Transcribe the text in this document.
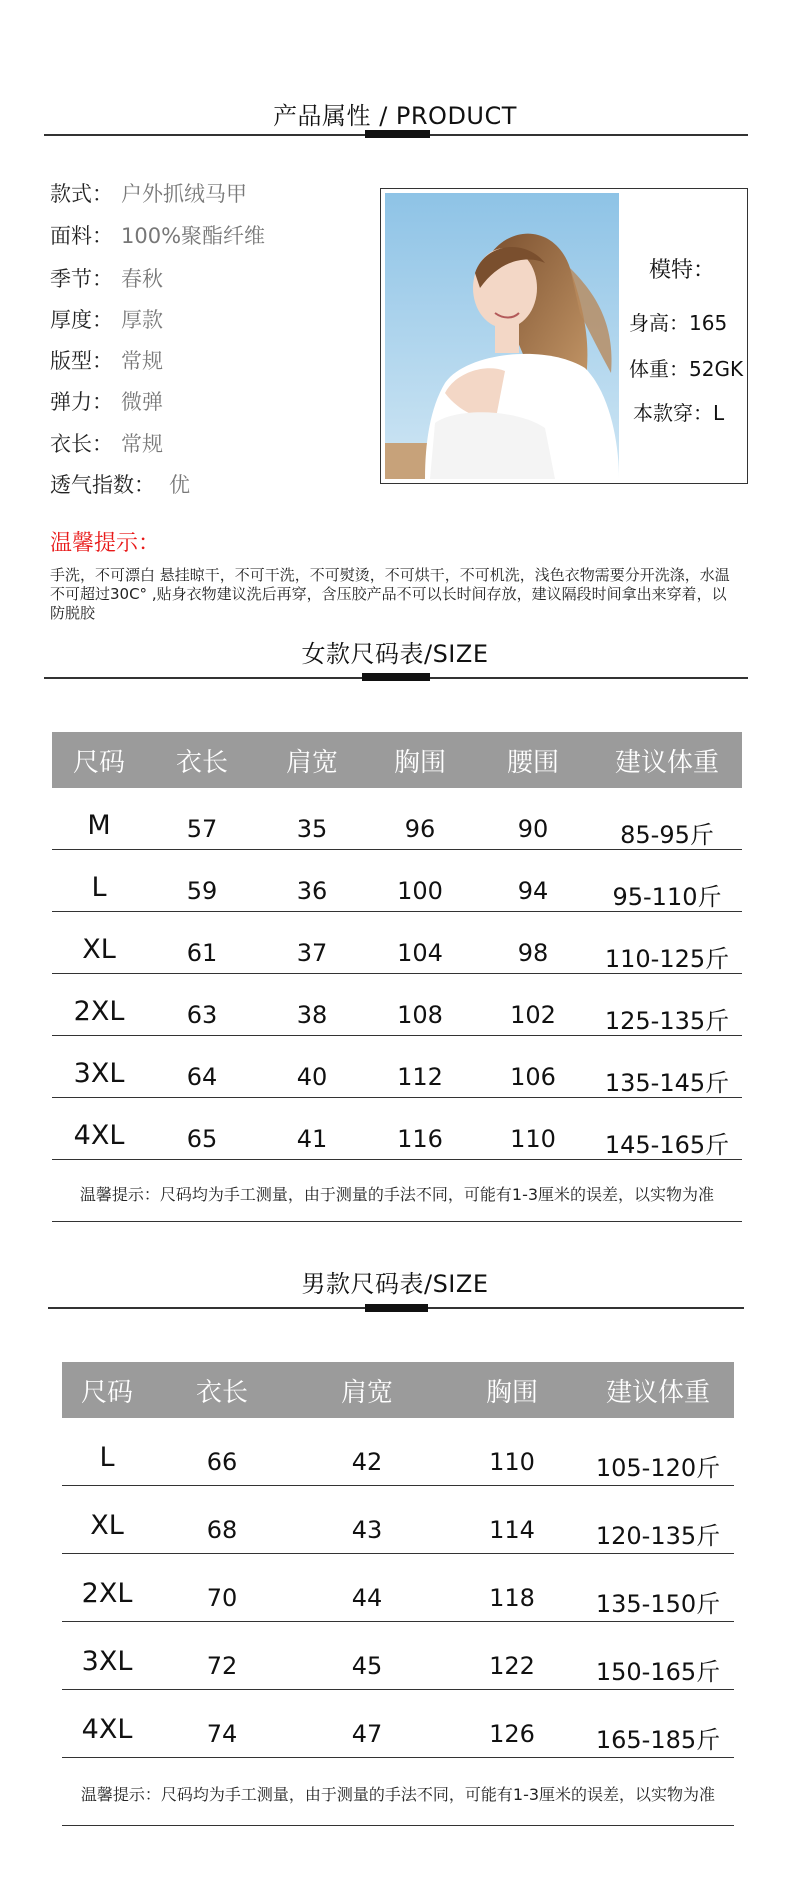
产品属性 / PRODUCT
款式： 户外抓绒马甲
面料： 100%聚酯纤维
季节： 春秋
厚度： 厚款
版型： 常规
弹力： 微弹
衣长： 常规
透气指数： 优
模特：
身高：165
体重：52GK
本款穿：L
温馨提示：
手洗，不可漂白 悬挂晾干，不可干洗，不可熨烫，不可烘干，不可机洗，浅色衣物需要分开洗涤，水温不可超过30C° ,贴身衣物建议洗后再穿，含压胶产品不可以长时间存放，建议隔段时间拿出来穿着，以防脱胶
女款尺码表/SIZE
尺码	衣长	肩宽	胸围	腰围	建议体重
M	57	35	96	90	85-95斤
L	59	36	100	94	95-110斤
XL	61	37	104	98	110-125斤
2XL	63	38	108	102	125-135斤
3XL	64	40	112	106	135-145斤
4XL	65	41	116	110	145-165斤
温馨提示：尺码均为手工测量，由于测量的手法不同，可能有1-3厘米的误差，以实物为准
男款尺码表/SIZE
尺码	衣长	肩宽	胸围	建议体重
L	66	42	110	105-120斤
XL	68	43	114	120-135斤
2XL	70	44	118	135-150斤
3XL	72	45	122	150-165斤
4XL	74	47	126	165-185斤
温馨提示：尺码均为手工测量，由于测量的手法不同，可能有1-3厘米的误差，以实物为准
